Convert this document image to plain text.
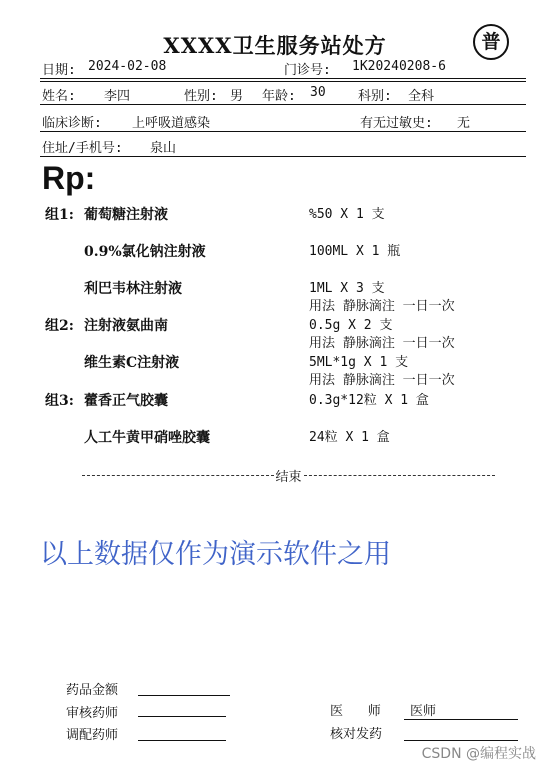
XXXX卫生服务站处方	普
日期: 2024-02-08	门诊号: 1K20240208-6
姓名: 李四	性别: 男 年龄: 30 科别: 全科
临床诊断: 上呼吸道感染	有无过敏史: 无
住址/手机号: 泉山
Rp:
组1: 葡萄糖注射液	%50 X 1 支
0.9%氯化钠注射液	100ML X 1 瓶
利巴韦林注射液	1ML X 3 支
用法 静脉滴注 一日一次
组2: 注射液氨曲南	0.5g X 2 支
用法 静脉滴注 一日一次
维生素C注射液	5ML*1g X 1 支
用法 静脉滴注 一日一次
组3: 藿香正气胶囊	0.3g*12粒 X 1 盒
人工牛黄甲硝唑胶囊	24粒 X 1 盒
结束
以上数据仅作为演示软件之用
药品金额
审核药师
调配药师
医      师 医师
核对发药
CSDN @编程实战
